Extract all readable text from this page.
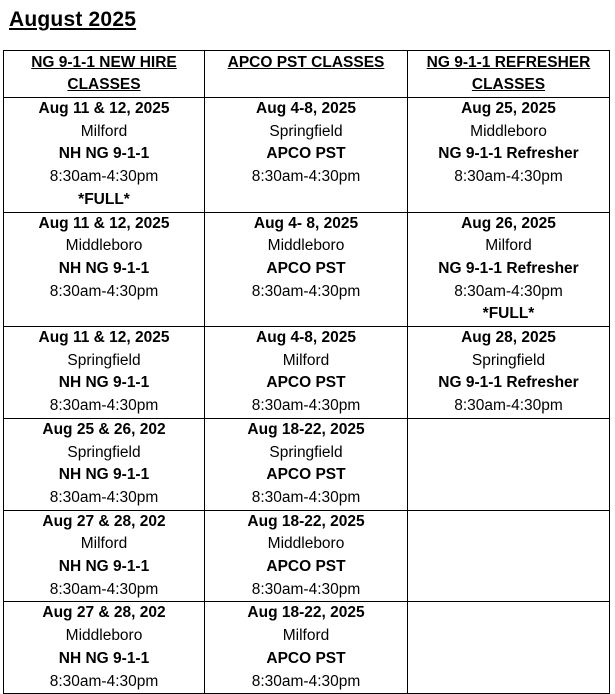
August 2025
NG 9-1-1 NEW HIRE CLASSES	APCO PST CLASSES	NG 9-1-1 REFRESHER CLASSES

Aug 11 & 12, 2025
Milford
NH NG 9-1-1
8:30am-4:30pm
*FULL*	Aug 4-8, 2025
Springfield
APCO PST
8:30am-4:30pm	Aug 25, 2025
Middleboro
NG 9-1-1 Refresher
8:30am-4:30pm

Aug 11 & 12, 2025
Middleboro
NH NG 9-1-1
8:30am-4:30pm	Aug 4- 8, 2025
Middleboro
APCO PST
8:30am-4:30pm	Aug 26, 2025
Milford
NG 9-1-1 Refresher
8:30am-4:30pm
*FULL*

Aug 11 & 12, 2025
Springfield
NH NG 9-1-1
8:30am-4:30pm	Aug 4-8, 2025
Milford
APCO PST
8:30am-4:30pm	Aug 28, 2025
Springfield
NG 9-1-1 Refresher
8:30am-4:30pm

Aug 25 & 26, 202
Springfield
NH NG 9-1-1
8:30am-4:30pm	Aug 18-22, 2025
Springfield
APCO PST
8:30am-4:30pm	

Aug 27 & 28, 202
Milford
NH NG 9-1-1
8:30am-4:30pm	Aug 18-22, 2025
Middleboro
APCO PST
8:30am-4:30pm	

Aug 27 & 28, 202
Middleboro
NH NG 9-1-1
8:30am-4:30pm	Aug 18-22, 2025
Milford
APCO PST
8:30am-4:30pm	
